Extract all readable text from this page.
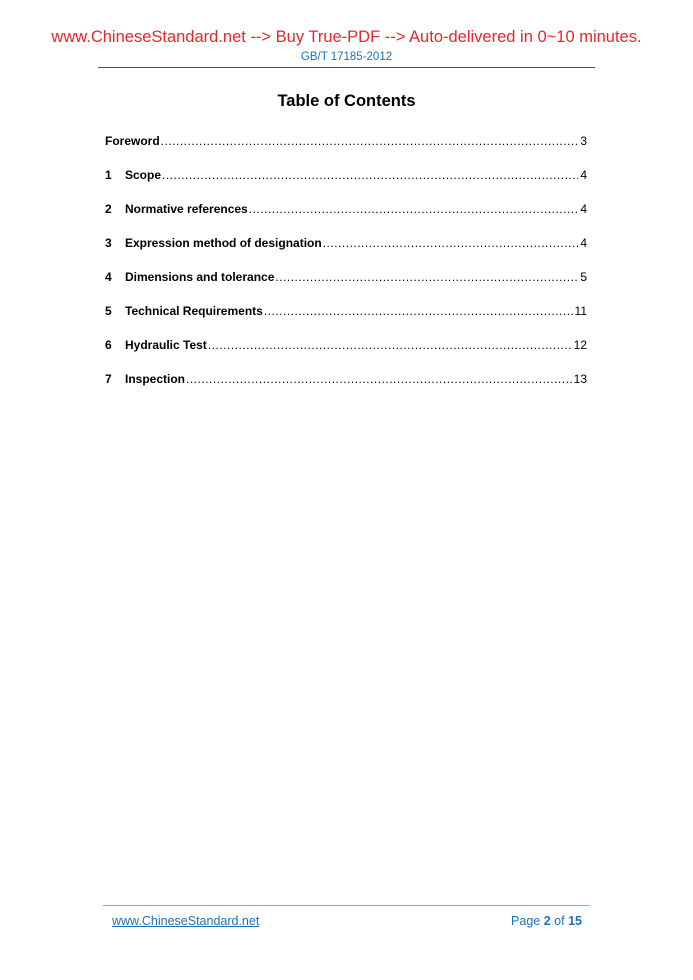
www.ChineseStandard.net --> Buy True-PDF --> Auto-delivered in 0~10 minutes.
GB/T 17185-2012
Table of Contents
Foreword .....	3
1	Scope .....	4
2	Normative references .....	4
3	Expression method of designation .....	4
4	Dimensions and tolerance .....	5
5	Technical Requirements .....	11
6	Hydraulic Test .....	12
7	Inspection .....	13
www.ChineseStandard.net	Page 2 of 15
